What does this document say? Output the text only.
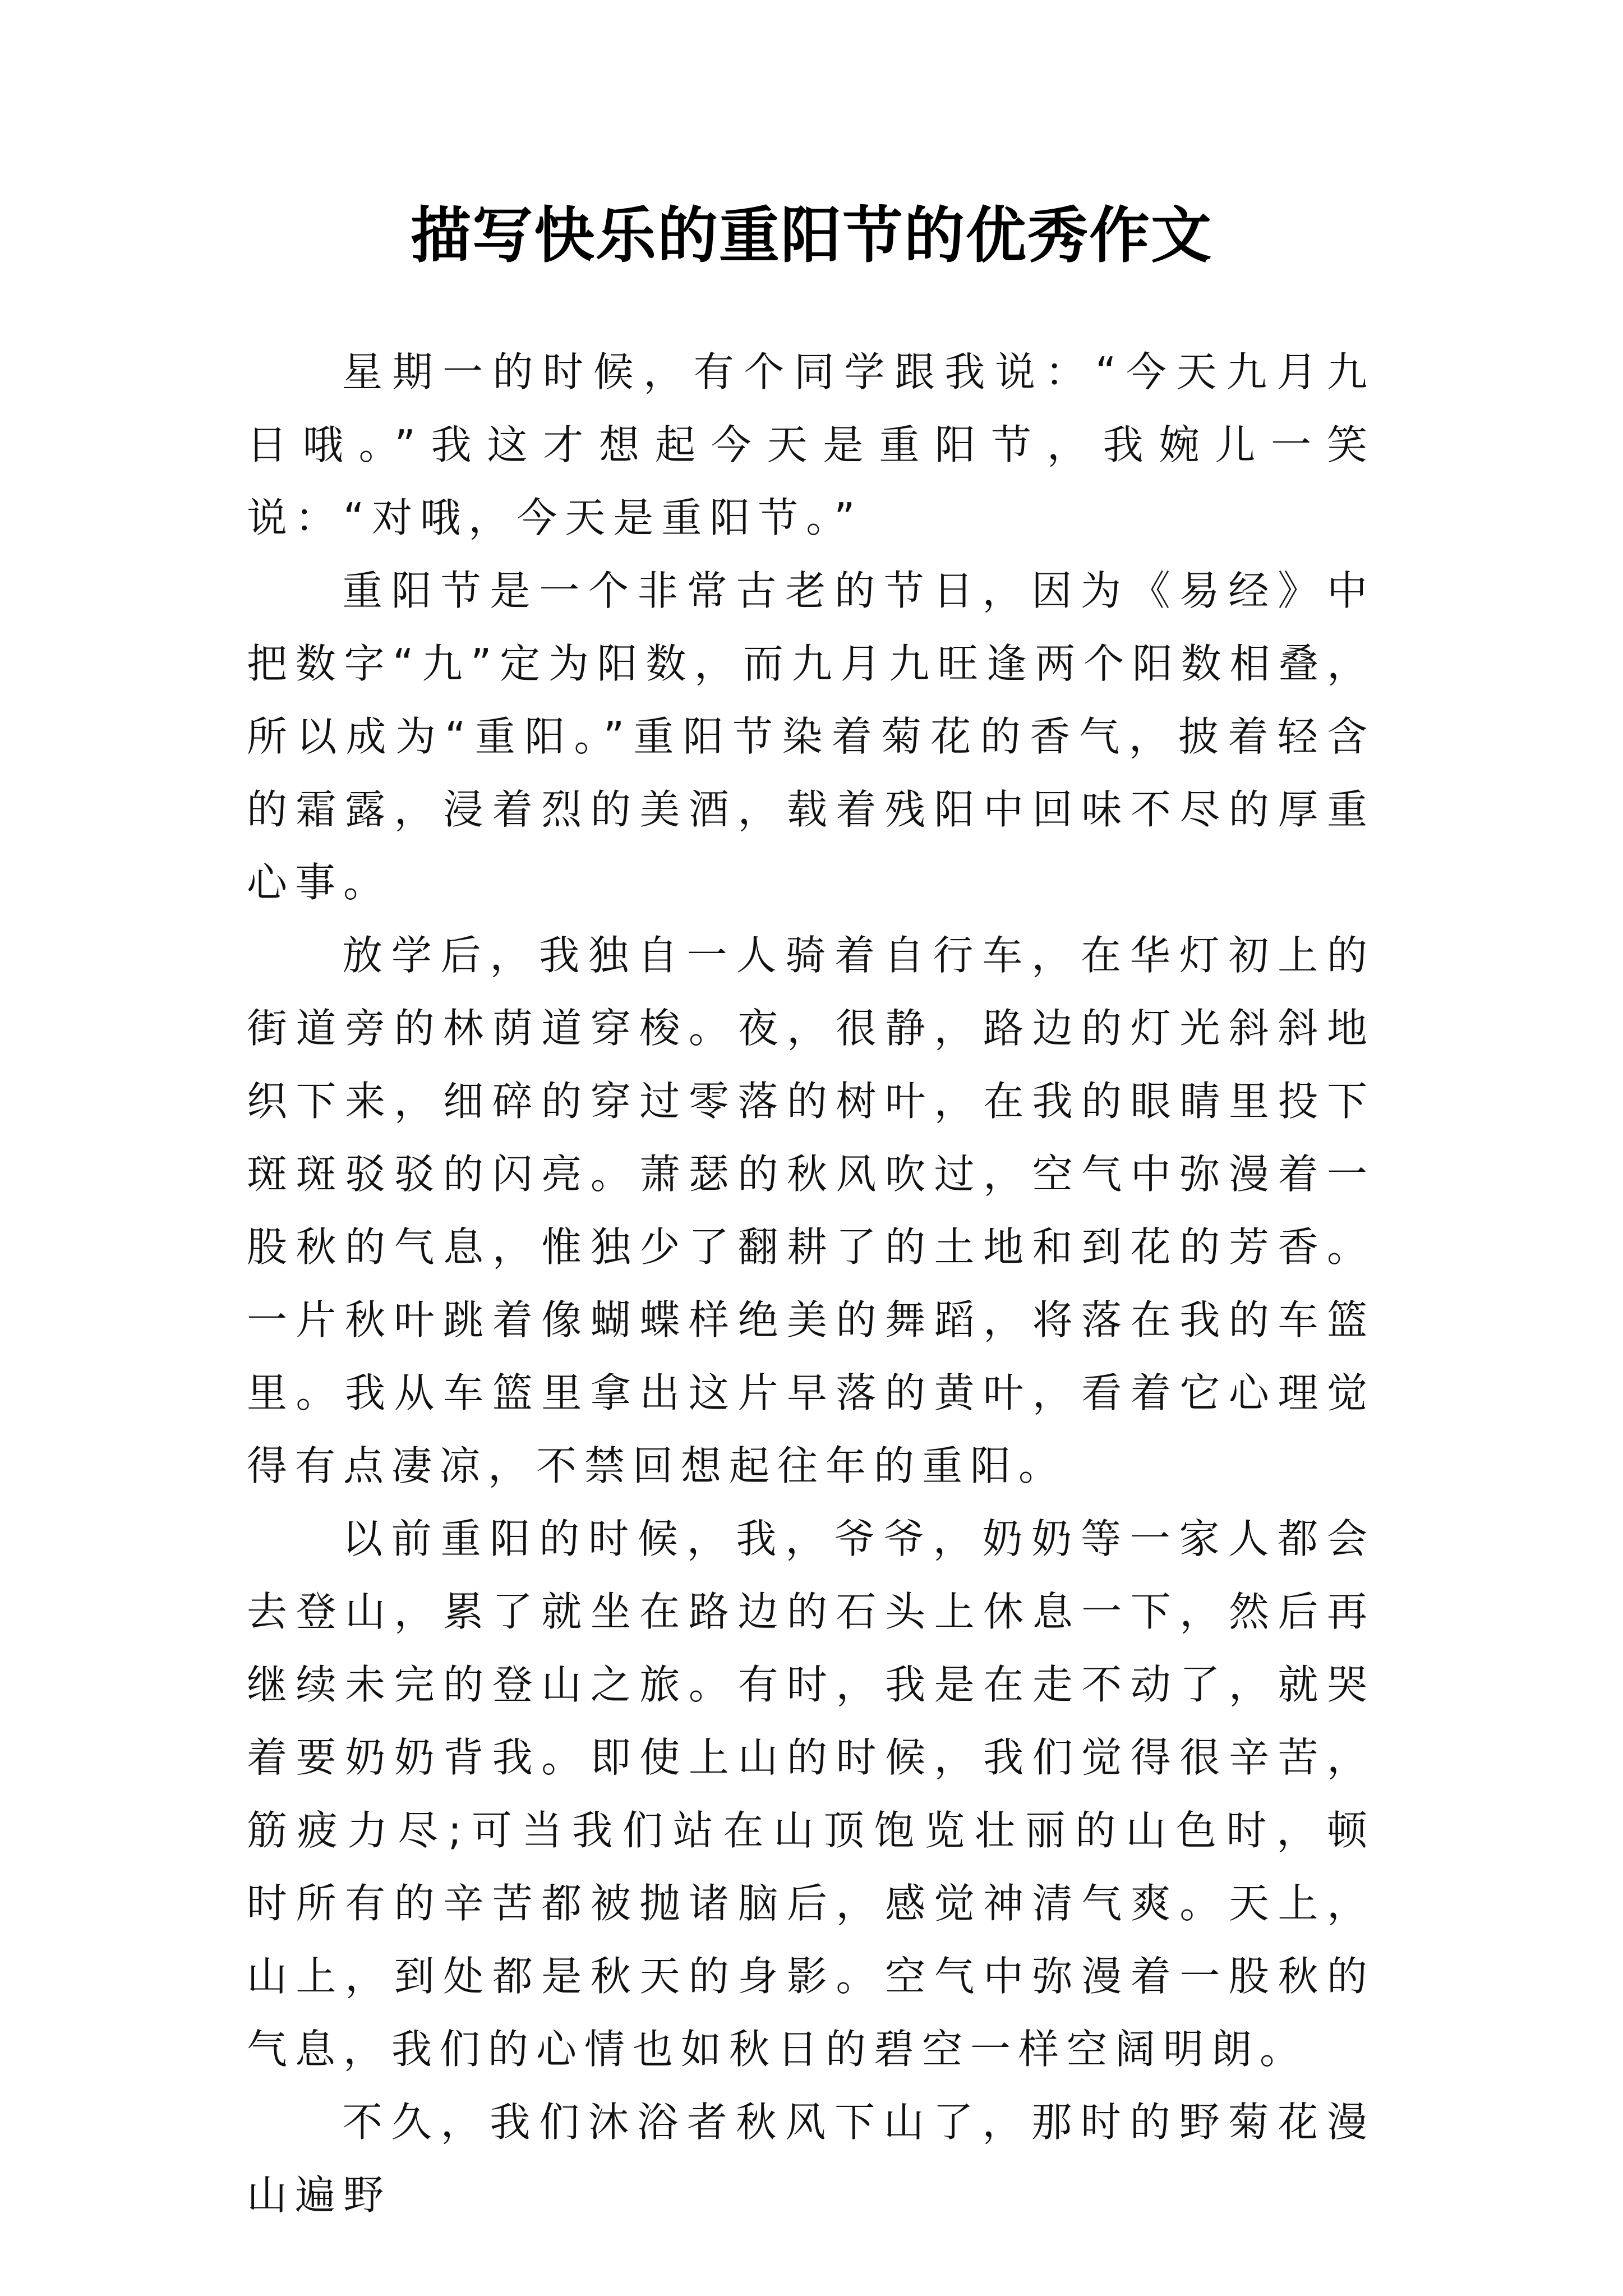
描写快乐的重阳节的优秀作文

星期一的时候，有个同学跟我说：“今天九月九日哦。”我这才想起今天是重阳节，我婉儿一笑说：“对哦，今天是重阳节。”

重阳节是一个非常古老的节日，因为《易经》中把数字“九”定为阳数，而九月九旺逢两个阳数相叠，所以成为“重阳。”重阳节染着菊花的香气，披着轻含的霜露，浸着烈的美酒，载着残阳中回味不尽的厚重心事。

放学后，我独自一人骑着自行车，在华灯初上的街道旁的林荫道穿梭。夜，很静，路边的灯光斜斜地织下来，细碎的穿过零落的树叶，在我的眼睛里投下斑斑驳驳的闪亮。萧瑟的秋风吹过，空气中弥漫着一股秋的气息，惟独少了翻耕了的土地和到花的芳香。一片秋叶跳着像蝴蝶样绝美的舞蹈，将落在我的车篮里。我从车篮里拿出这片早落的黄叶，看着它心理觉得有点凄凉，不禁回想起往年的重阳。

以前重阳的时候，我，爷爷，奶奶等一家人都会去登山，累了就坐在路边的石头上休息一下，然后再继续未完的登山之旅。有时，我是在走不动了，就哭着要奶奶背我。即使上山的时候，我们觉得很辛苦，筋疲力尽;可当我们站在山顶饱览壮丽的山色时，顿时所有的辛苦都被抛诸脑后，感觉神清气爽。天上，山上，到处都是秋天的身影。空气中弥漫着一股秋的气息，我们的心情也如秋日的碧空一样空阔明朗。

不久，我们沐浴者秋风下山了，那时的野菊花漫山遍野
